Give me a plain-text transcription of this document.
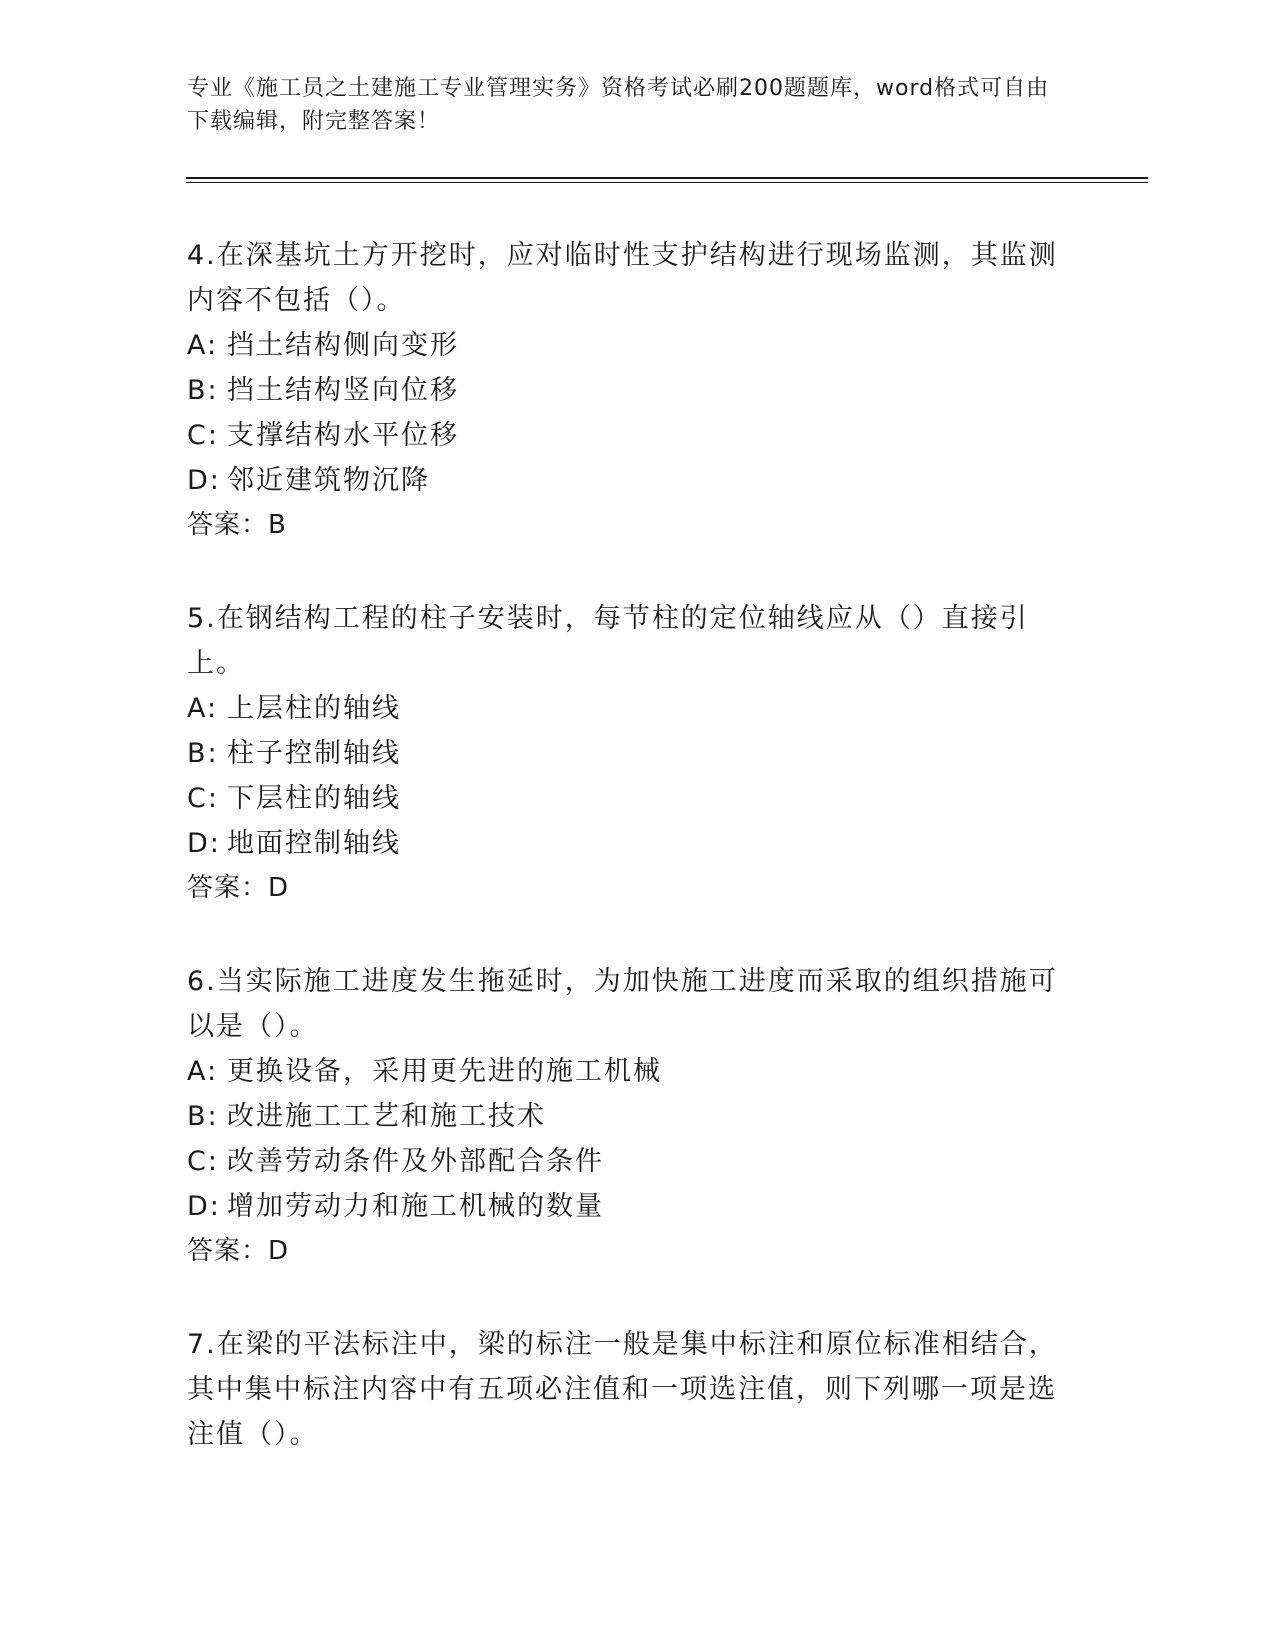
专业《施工员之土建施工专业管理实务》资格考试必刷200题题库，word格式可自由下载编辑，附完整答案！

4.在深基坑土方开挖时，应对临时性支护结构进行现场监测，其监测内容不包括（）。

A: 挡土结构侧向变形

B: 挡土结构竖向位移

C: 支撑结构水平位移

D: 邻近建筑物沉降

答案：B

5.在钢结构工程的柱子安装时，每节柱的定位轴线应从（）直接引上。

A: 上层柱的轴线

B: 柱子控制轴线

C: 下层柱的轴线

D: 地面控制轴线

答案：D

6.当实际施工进度发生拖延时，为加快施工进度而采取的组织措施可以是（）。

A: 更换设备，采用更先进的施工机械

B: 改进施工工艺和施工技术

C: 改善劳动条件及外部配合条件

D: 增加劳动力和施工机械的数量

答案：D

7.在梁的平法标注中，梁的标注一般是集中标注和原位标准相结合，其中集中标注内容中有五项必注值和一项选注值，则下列哪一项是选注值（）。
